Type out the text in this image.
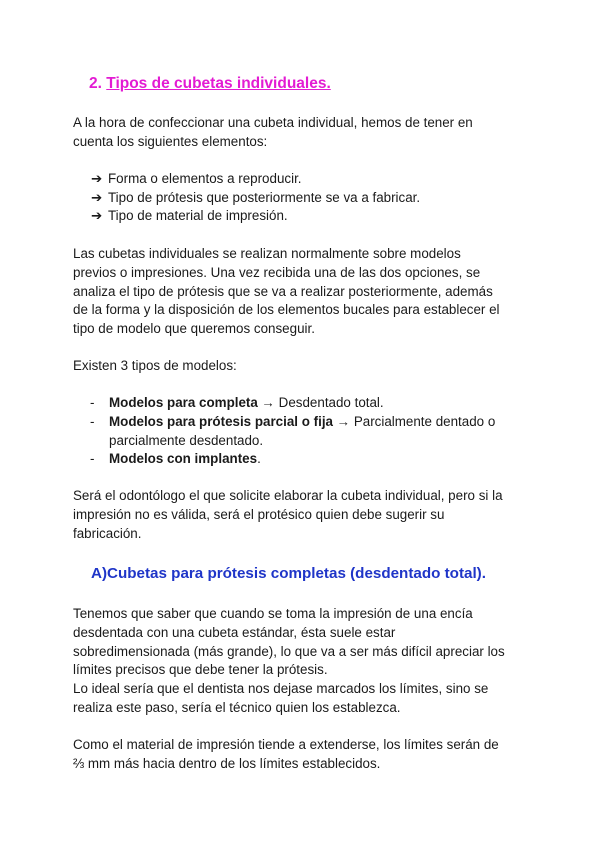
2. Tipos de cubetas individuales.

A la hora de confeccionar una cubeta individual, hemos de tener en

cuenta los siguientes elementos:

➔ Forma o elementos a reproducir.
➔ Tipo de prótesis que posteriormente se va a fabricar.
➔ Tipo de material de impresión.

Las cubetas individuales se realizan normalmente sobre modelos

previos o impresiones. Una vez recibida una de las dos opciones, se

analiza el tipo de prótesis que se va a realizar posteriormente, además

de la forma y la disposición de los elementos bucales para establecer el

tipo de modelo que queremos conseguir.

Existen 3 tipos de modelos:

- Modelos para completa → Desdentado total.
- Modelos para prótesis parcial o fija → Parcialmente dentado o
parcialmente desdentado.
- Modelos con implantes.

Será el odontólogo el que solicite elaborar la cubeta individual, pero si la

impresión no es válida, será el protésico quien debe sugerir su

fabricación.

A)Cubetas para prótesis completas (desdentado total).

Tenemos que saber que cuando se toma la impresión de una encía

desdentada con una cubeta estándar, ésta suele estar

sobredimensionada (más grande), lo que va a ser más difícil apreciar los

límites precisos que debe tener la prótesis.

Lo ideal sería que el dentista nos dejase marcados los límites, sino se

realiza este paso, sería el técnico quien los establezca.

Como el material de impresión tiende a extenderse, los límites serán de

⅔ mm más hacia dentro de los límites establecidos.
